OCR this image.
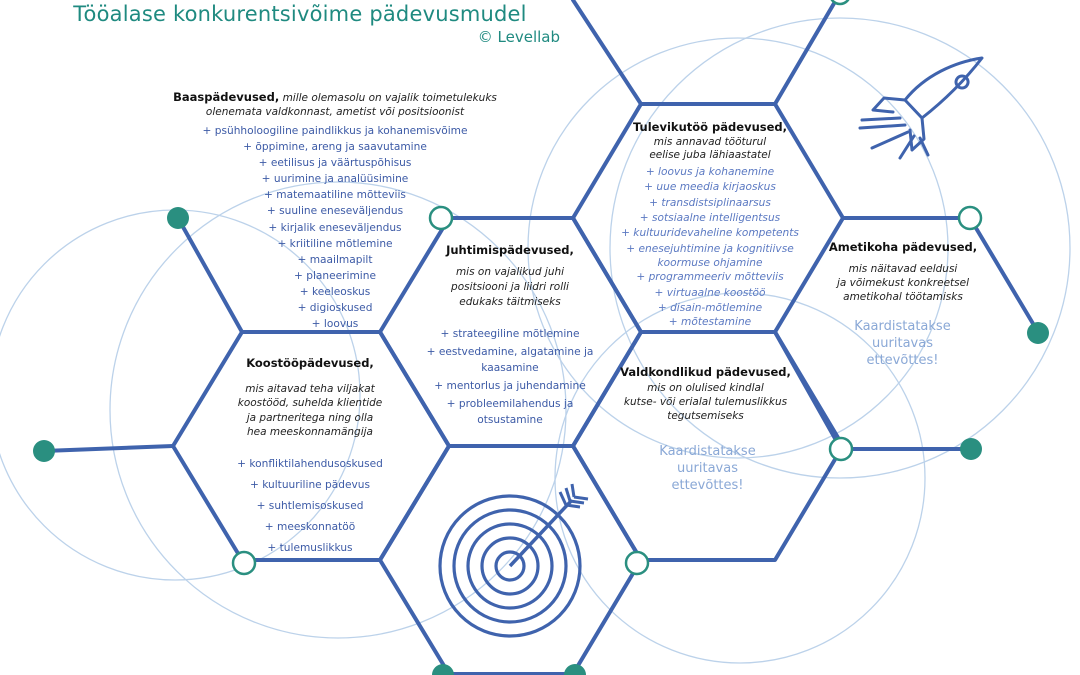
Tööalase konkurentsivõime pädevusmudel
© Levellab
Baaspädevused, mille olemasolu on vajalik toimetulekuks
olenemata valdkonnast, ametist või positsioonist
+ psühholoogiline paindlikkus ja kohanemisvõime
+ õppimine, areng ja saavutamine
+ eetilisus ja väärtuspõhisus
+ uurimine ja analüüsimine
+ matemaatiline mõtteviis
+ suuline eneseväljendus
+ kirjalik eneseväljendus
+ kriitiline mõtlemine
+ maailmapilt
+ planeerimine
+ keeleoskus
+ digioskused
+ loovus
Tulevikutöö pädevused,
mis annavad tööturul
eelise juba lähiaastatel
+ loovus ja kohanemine
+ uue meedia kirjaoskus
+ transdistsiplinaarsus
+ sotsiaalne intelligentsus
+ kultuuridevaheline kompetents
+ enesejuhtimine ja kognitiivse
koormuse ohjamine
+ programmeeriv mõtteviis
+ virtuaalne koostöö
+ disain-mõtlemine
+ mõtestamine
Juhtimispädevused,
mis on vajalikud juhi
positsiooni ja liidri rolli
edukaks täitmiseks
+ strateegiline mõtlemine
+ eestvedamine, algatamine ja
kaasamine
+ mentorlus ja juhendamine
+ probleemilahendus ja
otsustamine
Koostööpädevused,
mis aitavad teha viljakat
koostööd, suhelda klientide
ja partneritega ning olla
hea meeskonnamängija
+ konfliktilahendusoskused
+ kultuuriline pädevus
+ suhtlemisoskused
+ meeskonnatöö
+ tulemuslikkus
Ametikoha pädevused,
mis näitavad eeldusi
ja võimekust konkreetsel
ametikohal töötamisks
Kaardistatakse
uuritavas
ettevõttes!
Valdkondlikud pädevused,
mis on olulised kindlal
kutse- või erialal tulemuslikkus
tegutsemiseks
Kaardistatakse
uuritavas
ettevõttes!
